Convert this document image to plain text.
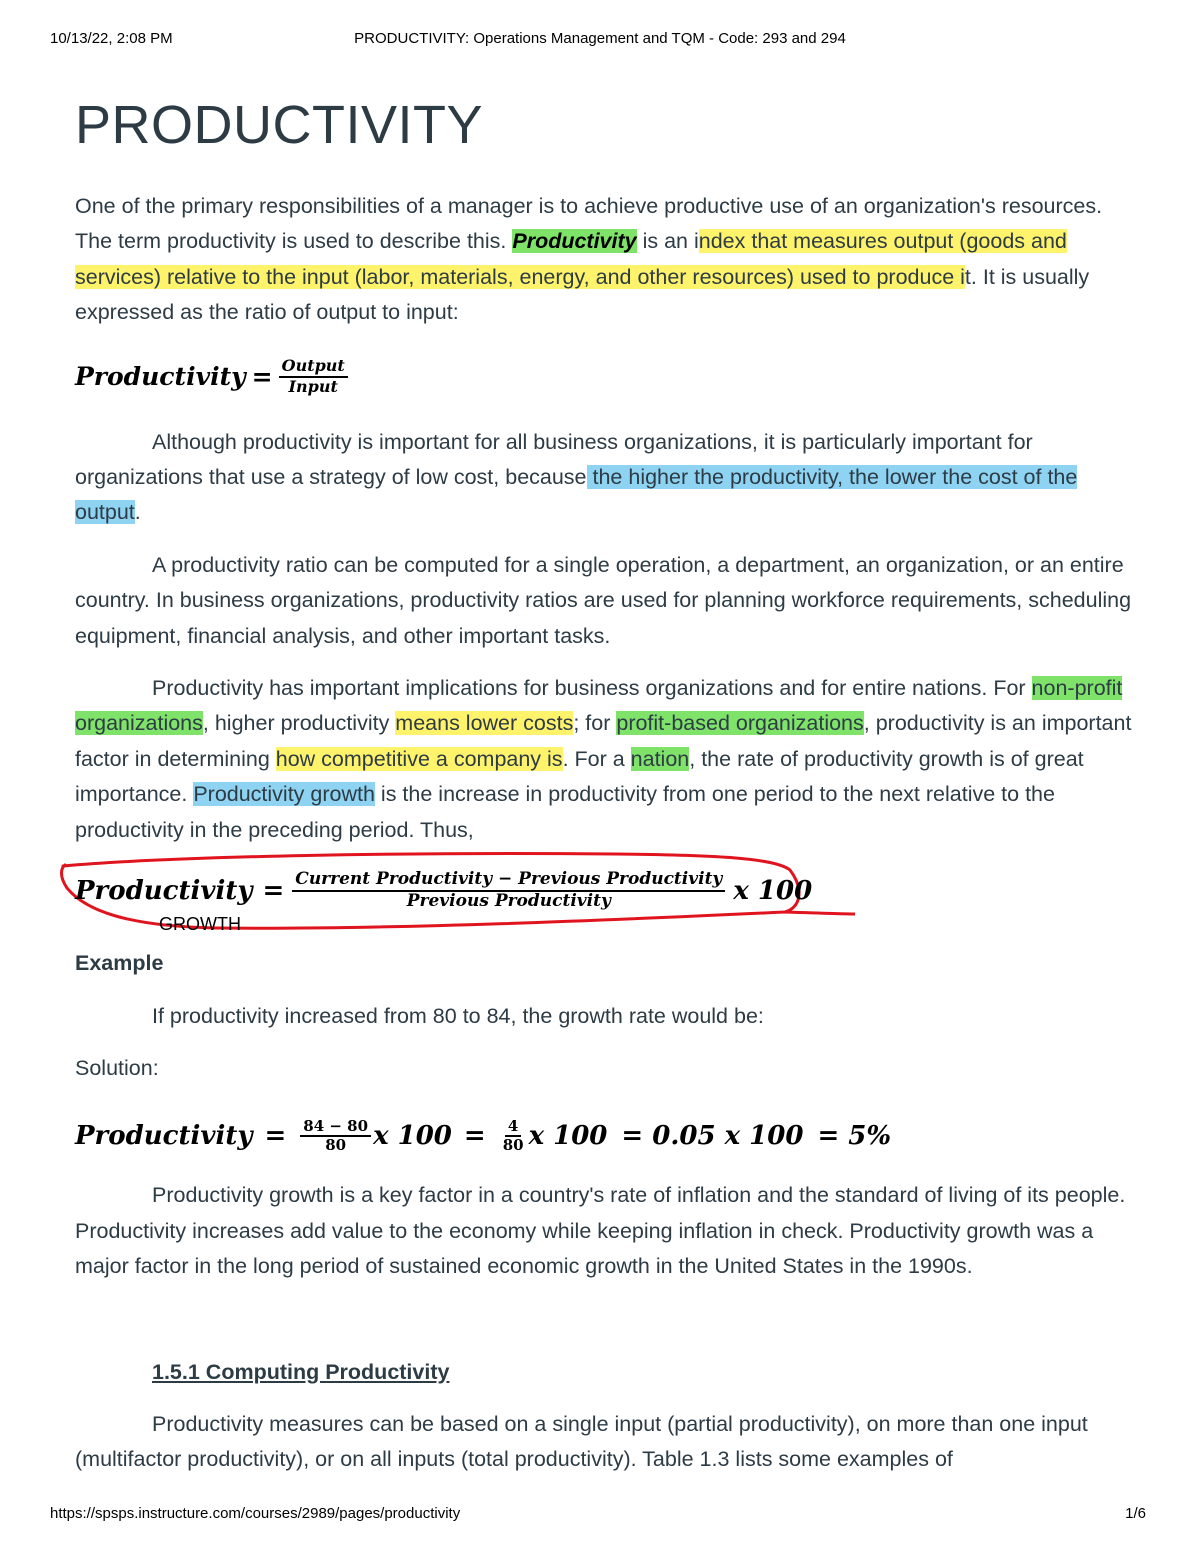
10/13/22, 2:08 PM	PRODUCTIVITY: Operations Management and TQM - Code: 293 and 294
PRODUCTIVITY

One of the primary responsibilities of a manager is to achieve productive use of an organization's resources. The term productivity is used to describe this. Productivity is an index that measures output (goods and services) relative to the input (labor, materials, energy, and other resources) used to produce it. It is usually expressed as the ratio of output to input:

Productivity = $\frac{\text{Output}}{\text{Input}}$

Although productivity is important for all business organizations, it is particularly important for organizations that use a strategy of low cost, because the higher the productivity, the lower the cost of the output.

A productivity ratio can be computed for a single operation, a department, an organization, or an entire country. In business organizations, productivity ratios are used for planning workforce requirements, scheduling equipment, financial analysis, and other important tasks.

Productivity has important implications for business organizations and for entire nations. For non-profit organizations, higher productivity means lower costs; for profit-based organizations, productivity is an important factor in determining how competitive a company is. For a nation, the rate of productivity growth is of great importance. Productivity growth is the increase in productivity from one period to the next relative to the productivity in the preceding period. Thus,

Productivity = $\frac{\text{Current Productivity − Previous Productivity}}{\text{Previous Productivity}}$ x 100
GROWTH

Example

If productivity increased from 80 to 84, the growth rate would be:

Solution:

Productivity = $\frac{84 - 80}{80}$ x $100 = \frac{4}{80}$ x 100 = 0.05 x 100 = 5%

Productivity growth is a key factor in a country's rate of inflation and the standard of living of its people. Productivity increases add value to the economy while keeping inflation in check. Productivity growth was a major factor in the long period of sustained economic growth in the United States in the 1990s.

1.5.1 Computing Productivity

Productivity measures can be based on a single input (partial productivity), on more than one input (multifactor productivity), or on all inputs (total productivity). Table 1.3 lists some examples of

https://spsps.instructure.com/courses/2989/pages/productivity	1/6
